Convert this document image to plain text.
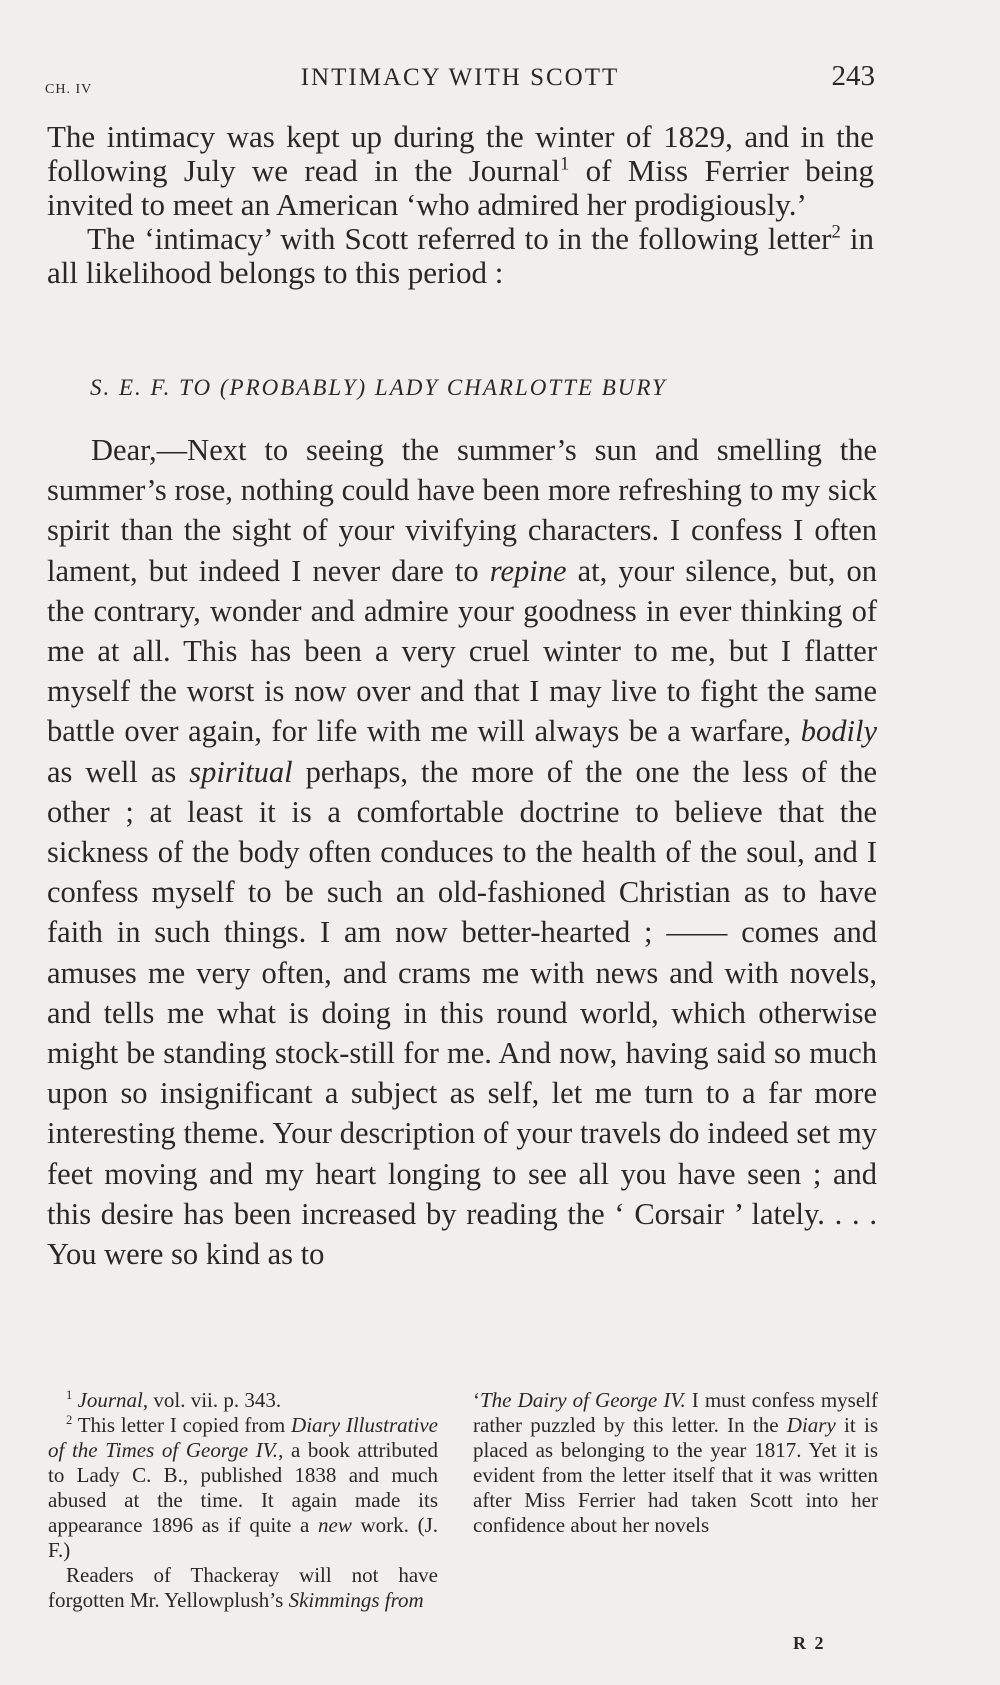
CH. IV	INTIMACY WITH SCOTT	243

The intimacy was kept up during the winter of 1829, and in the following July we read in the Journal$^1$ of Miss Ferrier being invited to meet an American ‘who admired her prodigiously.’

The ‘intimacy’ with Scott referred to in the following letter$^2$ in all likelihood belongs to this period :

S. E. F. TO (PROBABLY) LADY CHARLOTTE BURY

Dear,—Next to seeing the summer’s sun and smelling the summer’s rose, nothing could have been more refreshing to my sick spirit than the sight of your vivifying characters. I confess I often lament, but indeed I never dare to repine at, your silence, but, on the contrary, wonder and admire your goodness in ever thinking of me at all. This has been a very cruel winter to me, but I flatter myself the worst is now over and that I may live to fight the same battle over again, for life with me will always be a warfare, bodily as well as spiritual perhaps, the more of the one the less of the other ; at least it is a comfortable doctrine to believe that the sickness of the body often conduces to the health of the soul, and I confess myself to be such an old-fashioned Christian as to have faith in such things. I am now better-hearted ; —— comes and amuses me very often, and crams me with news and with novels, and tells me what is doing in this round world, which otherwise might be standing stock-still for me. And now, having said so much upon so insignificant a subject as self, let me turn to a far more interesting theme. Your description of your travels do indeed set my feet moving and my heart longing to see all you have seen ; and this desire has been increased by reading the ‘ Corsair ’ lately. . . . You were so kind as to

$^1$ Journal, vol. vii. p. 343.

$^2$ This letter I copied from Diary Illustrative of the Times of George IV., a book attributed to Lady C. B., published 1838 and much abused at the time. It again made its appearance 1896 as if quite a new work. (J. F.)

Readers of Thackeray will not have forgotten Mr. Yellowplush’s Skimmings from

‘The Dairy of George IV. I must confess myself rather puzzled by this letter. In the Diary it is placed as belonging to the year 1817. Yet it is evident from the letter itself that it was written after Miss Ferrier had taken Scott into her confidence about her novels

R 2
